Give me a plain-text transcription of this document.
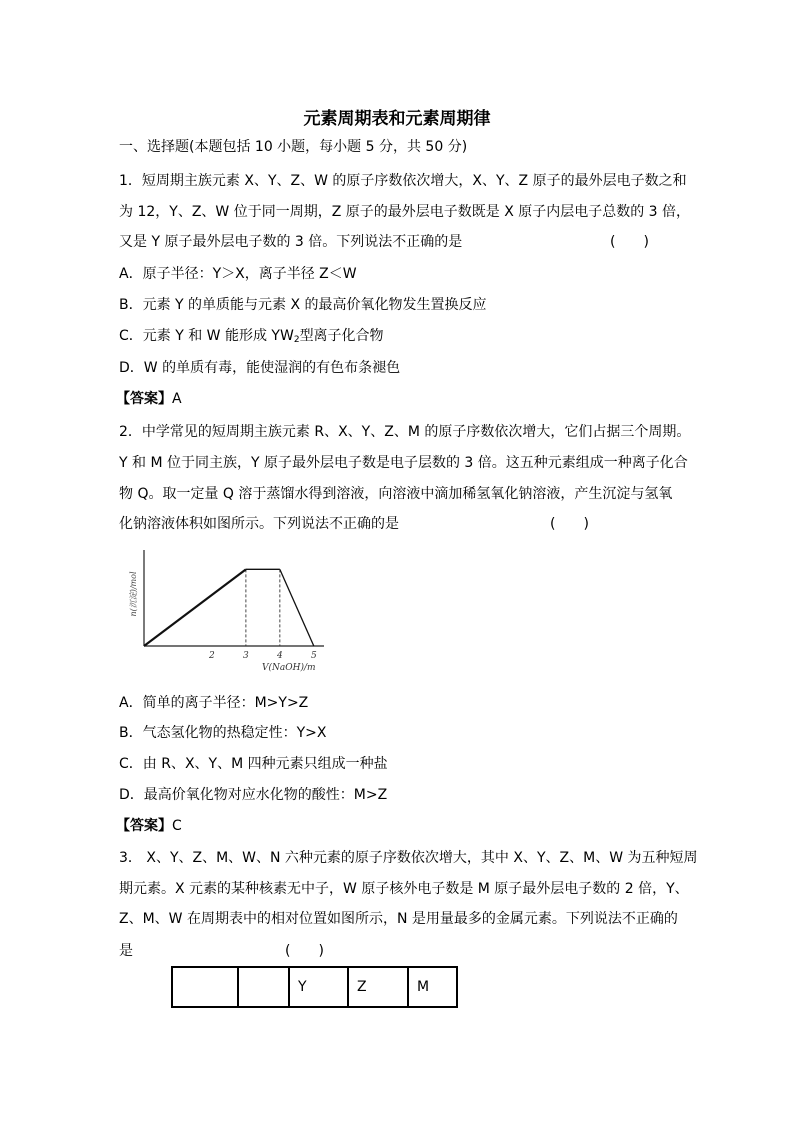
元素周期表和元素周期律
一、选择题(本题包括 10 小题，每小题 5 分，共 50 分)
1．短周期主族元素 X、Y、Z、W 的原子序数依次增大，X、Y、Z 原子的最外层电子数之和
为 12，Y、Z、W 位于同一周期，Z 原子的最外层电子数既是 X 原子内层电子总数的 3 倍，
又是 Y 原子最外层电子数的 3 倍。下列说法不正确的是	(　　)
A．原子半径：Y＞X，离子半径 Z＜W
B．元素 Y 的单质能与元素 X 的最高价氧化物发生置换反应
C．元素 Y 和 W 能形成 $YW_2$型离子化合物
D．W 的单质有毒，能使湿润的有色布条褪色
【答案】A
2．中学常见的短周期主族元素 R、X、Y、Z、M 的原子序数依次增大，它们占据三个周期。
Y 和 M 位于同主族，Y 原子最外层电子数是电子层数的 3 倍。这五种元素组成一种离子化合
物 Q。取一定量 Q 溶于蒸馏水得到溶液，向溶液中滴加稀氢氧化钠溶液，产生沉淀与氢氧
化钠溶液体积如图所示。下列说法不正确的是	(　　)
n(沉淀)/mol
V(NaOH)/m
2	3	4	5
A．简单的离子半径：M>Y>Z
B．气态氢化物的热稳定性：Y>X
C．由 R、X、Y、M 四种元素只组成一种盐
D．最高价氧化物对应水化物的酸性：M>Z
【答案】C
3． X、Y、Z、M、W、N 六种元素的原子序数依次增大，其中 X、Y、Z、M、W 为五种短周
期元素。X 元素的某种核素无中子，W 原子核外电子数是 M 原子最外层电子数的 2 倍，Y、
Z、M、W 在周期表中的相对位置如图所示，N 是用量最多的金属元素。下列说法不正确的
是	(　　)
		Y	Z	M
